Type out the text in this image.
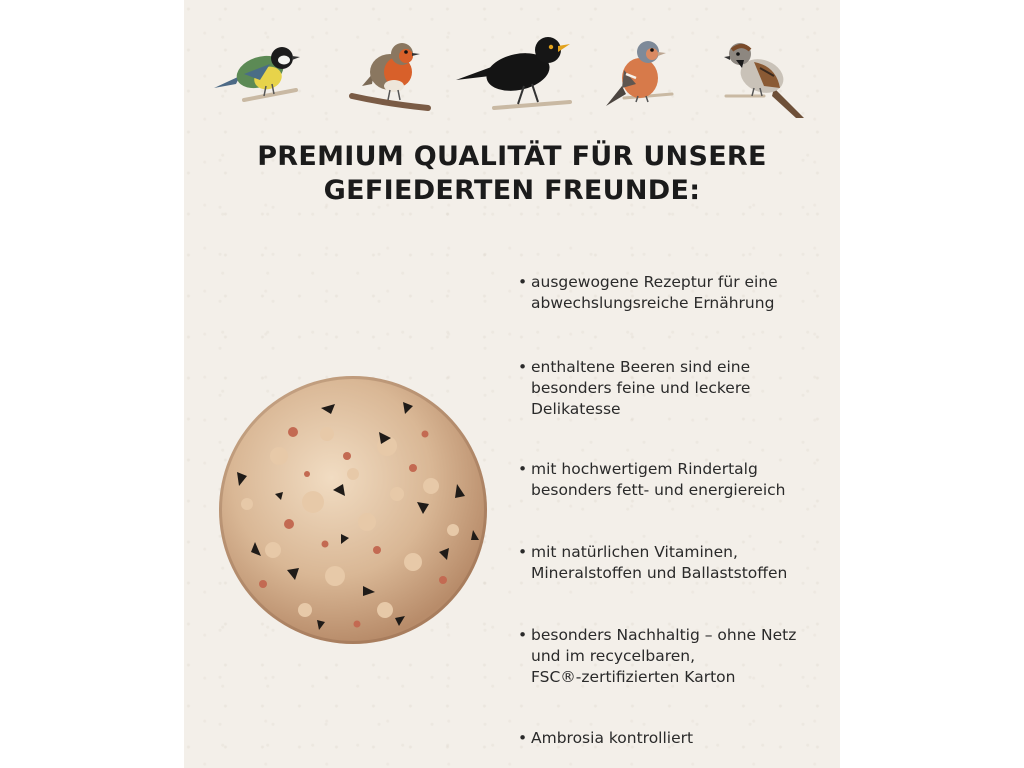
PREMIUM QUALITÄT FÜR UNSERE
GEFIEDERTEN FREUNDE:
• ausgewogene Rezeptur für eine
abwechslungsreiche Ernährung
• enthaltene Beeren sind eine
besonders feine und leckere
Delikatesse
• mit hochwertigem Rindertalg
besonders fett- und energiereich
• mit natürlichen Vitaminen,
Mineralstoffen und Ballaststoffen
• besonders Nachhaltig – ohne Netz
und im recycelbaren,
FSC®-zertifizierten Karton
• Ambrosia kontrolliert
